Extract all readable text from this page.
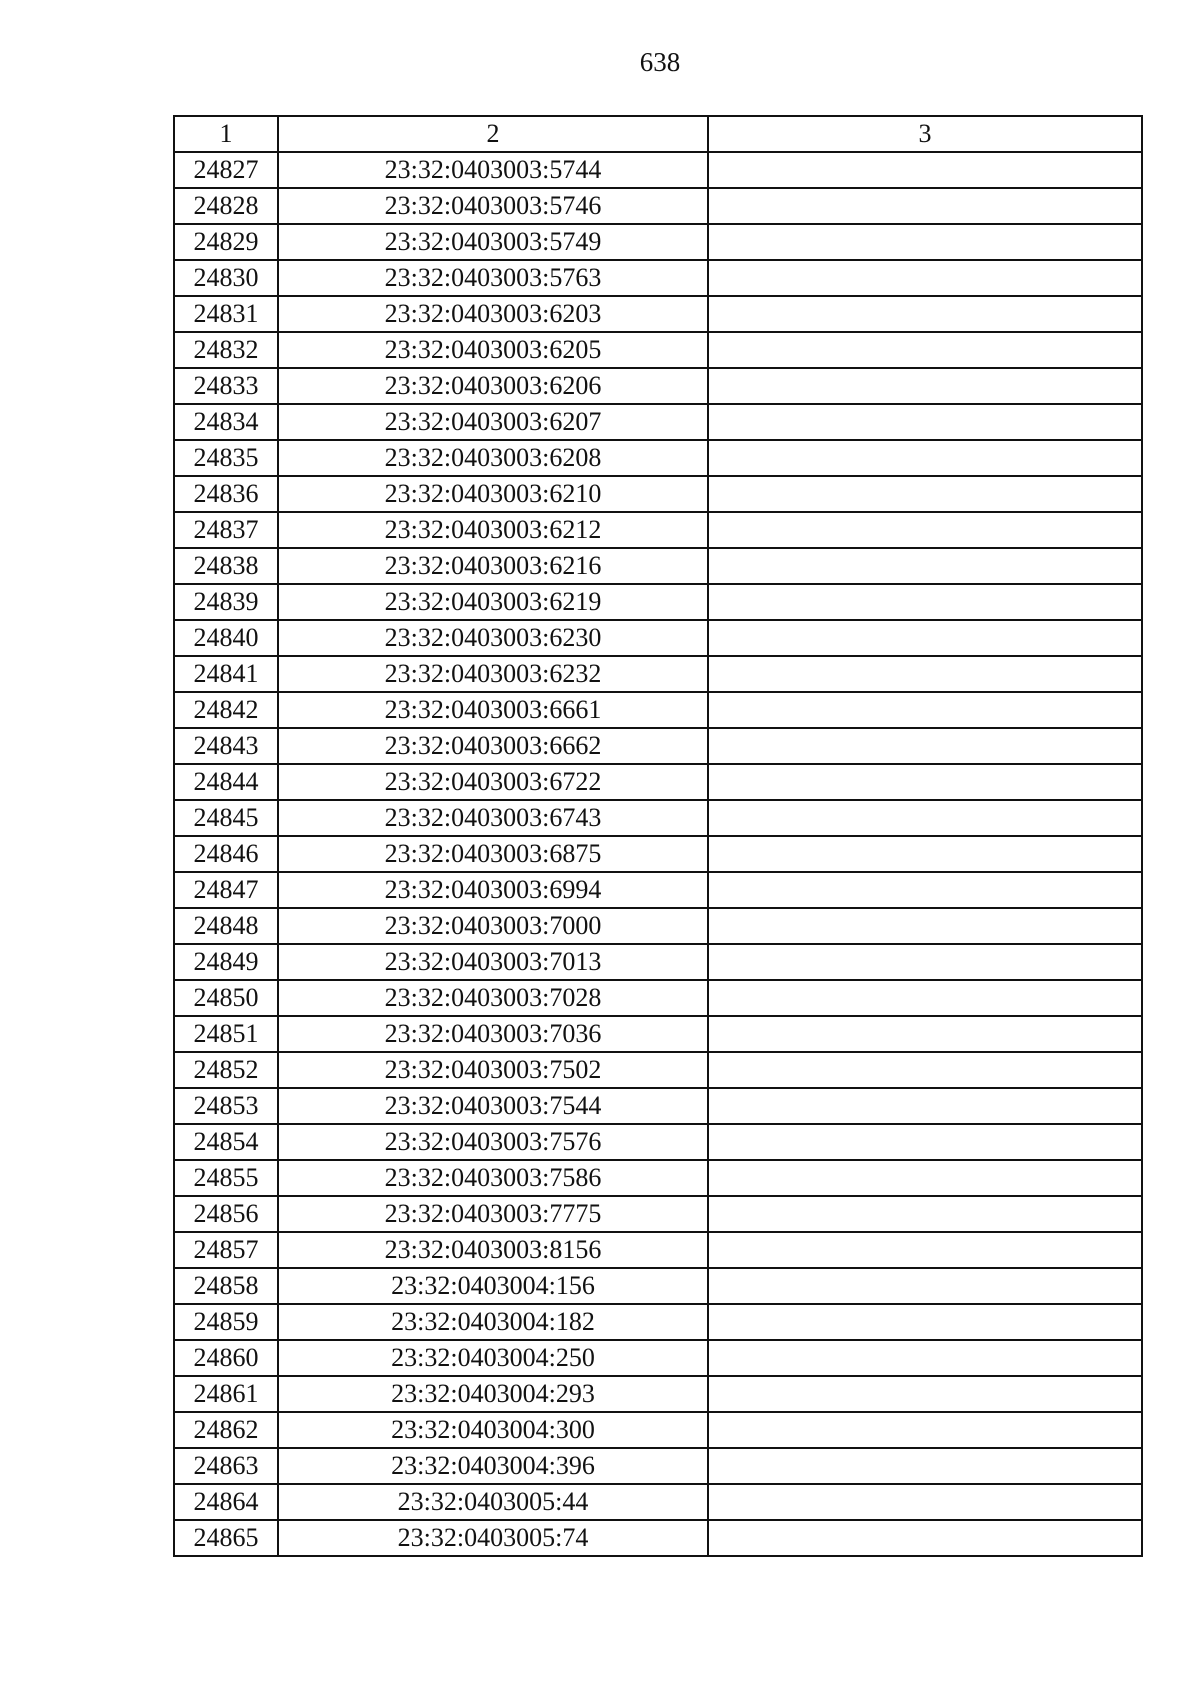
638
1	2	3
24827	23:32:0403003:5744	
24828	23:32:0403003:5746	
24829	23:32:0403003:5749	
24830	23:32:0403003:5763	
24831	23:32:0403003:6203	
24832	23:32:0403003:6205	
24833	23:32:0403003:6206	
24834	23:32:0403003:6207	
24835	23:32:0403003:6208	
24836	23:32:0403003:6210	
24837	23:32:0403003:6212	
24838	23:32:0403003:6216	
24839	23:32:0403003:6219	
24840	23:32:0403003:6230	
24841	23:32:0403003:6232	
24842	23:32:0403003:6661	
24843	23:32:0403003:6662	
24844	23:32:0403003:6722	
24845	23:32:0403003:6743	
24846	23:32:0403003:6875	
24847	23:32:0403003:6994	
24848	23:32:0403003:7000	
24849	23:32:0403003:7013	
24850	23:32:0403003:7028	
24851	23:32:0403003:7036	
24852	23:32:0403003:7502	
24853	23:32:0403003:7544	
24854	23:32:0403003:7576	
24855	23:32:0403003:7586	
24856	23:32:0403003:7775	
24857	23:32:0403003:8156	
24858	23:32:0403004:156	
24859	23:32:0403004:182	
24860	23:32:0403004:250	
24861	23:32:0403004:293	
24862	23:32:0403004:300	
24863	23:32:0403004:396	
24864	23:32:0403005:44	
24865	23:32:0403005:74	
